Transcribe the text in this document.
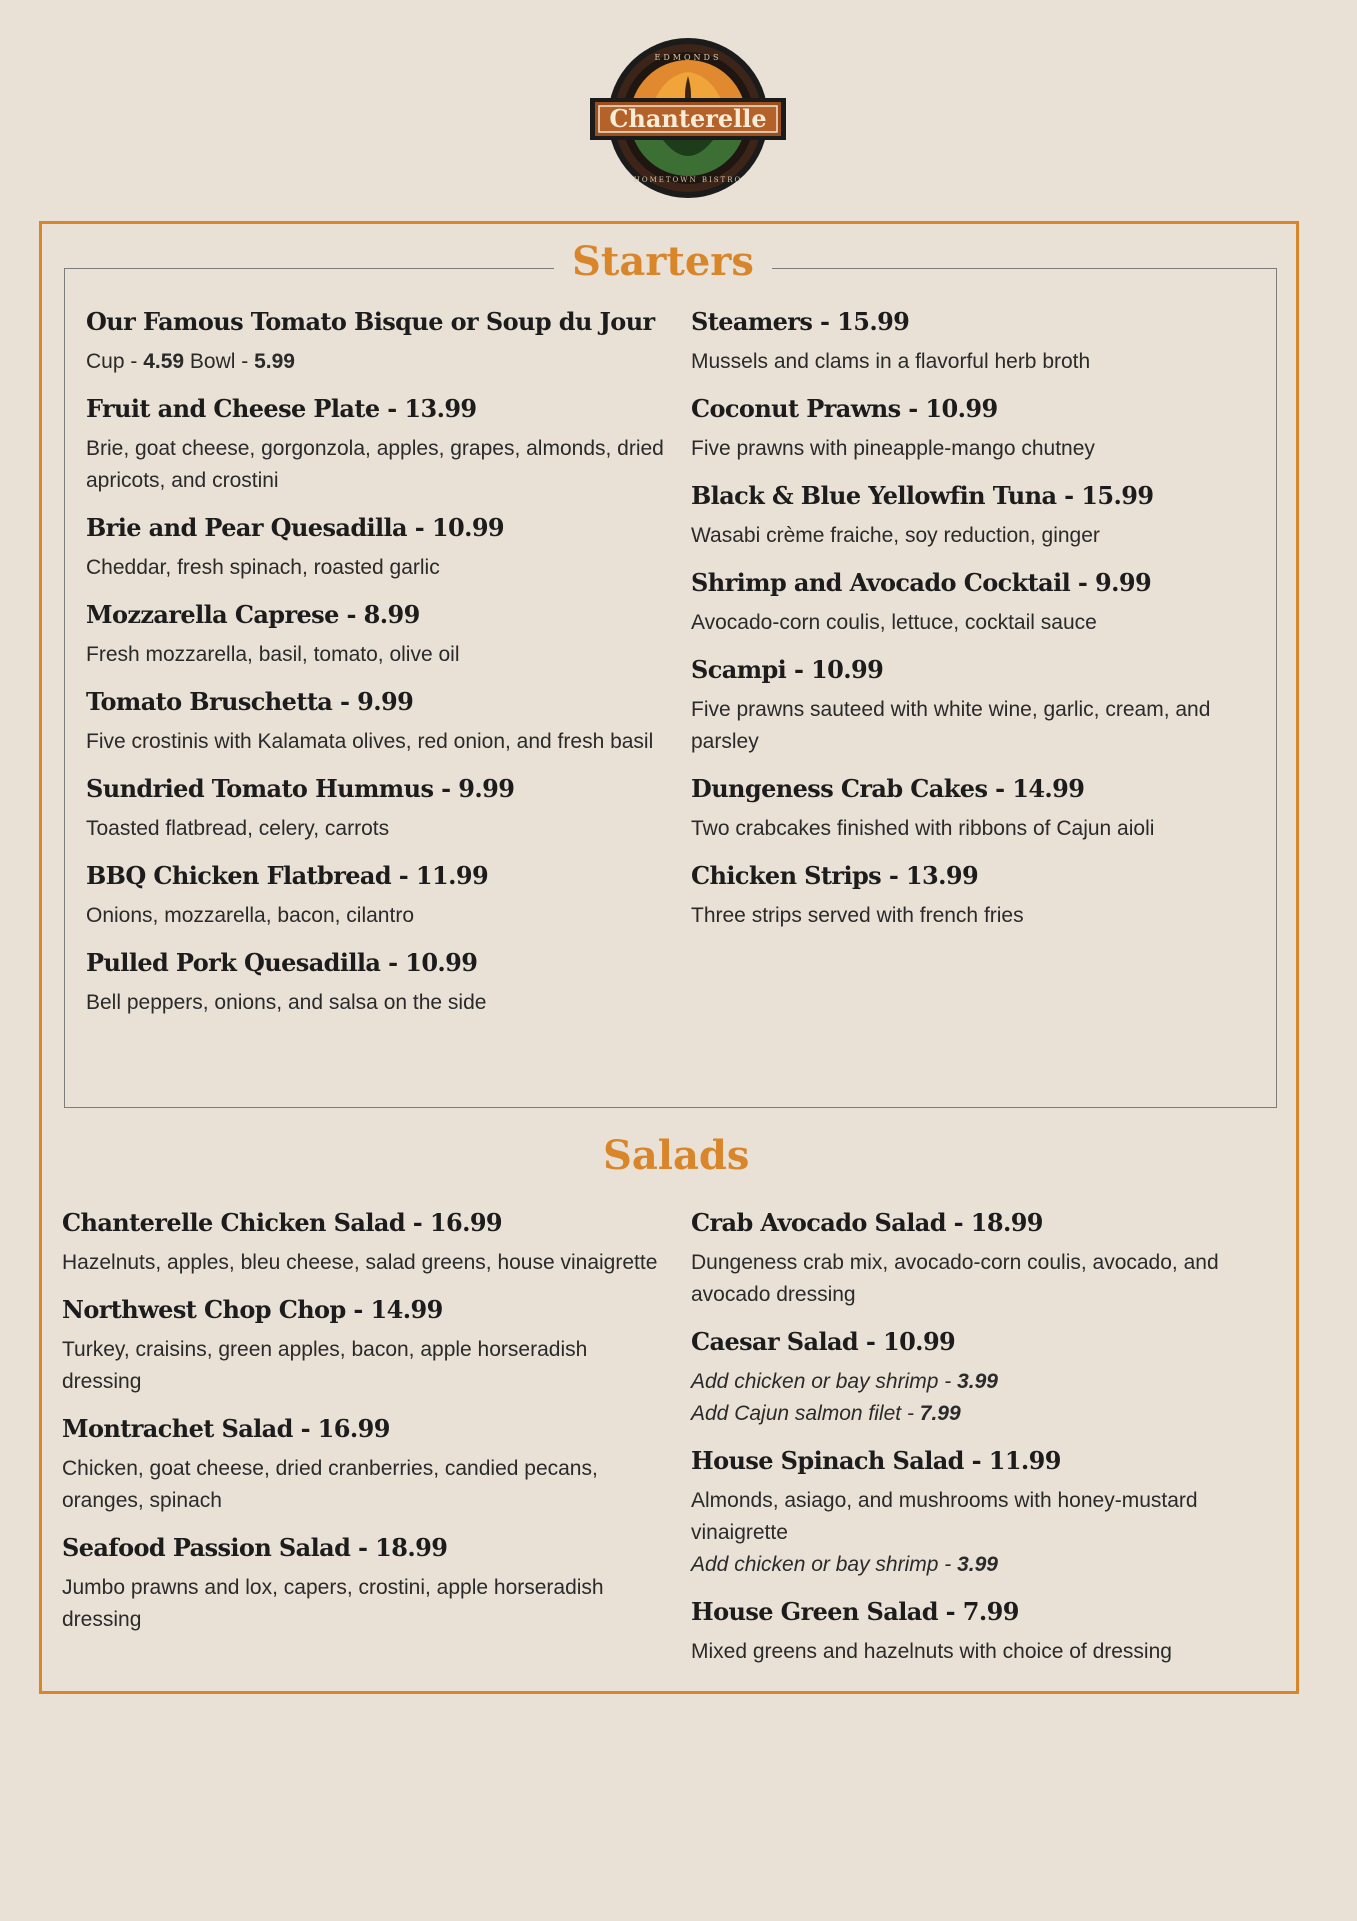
Chanterelle
EDMONDS
HOMETOWN BISTRO
Starters
Salads
Our Famous Tomato Bisque or Soup du Jour
Cup - 4.59 Bowl - 5.99
Fruit and Cheese Plate - 13.99
Brie, goat cheese, gorgonzola, apples, grapes, almonds, dried apricots, and crostini
Brie and Pear Quesadilla - 10.99
Cheddar, fresh spinach, roasted garlic
Mozzarella Caprese - 8.99
Fresh mozzarella, basil, tomato, olive oil
Tomato Bruschetta - 9.99
Five crostinis with Kalamata olives, red onion, and fresh basil
Sundried Tomato Hummus - 9.99
Toasted flatbread, celery, carrots
BBQ Chicken Flatbread - 11.99
Onions, mozzarella, bacon, cilantro
Pulled Pork Quesadilla - 10.99
Bell peppers, onions, and salsa on the side
Steamers - 15.99
Mussels and clams in a flavorful herb broth
Coconut Prawns - 10.99
Five prawns with pineapple-mango chutney
Black & Blue Yellowfin Tuna - 15.99
Wasabi crème fraiche, soy reduction, ginger
Shrimp and Avocado Cocktail - 9.99
Avocado-corn coulis, lettuce, cocktail sauce
Scampi - 10.99
Five prawns sauteed with white wine, garlic, cream, and parsley
Dungeness Crab Cakes - 14.99
Two crabcakes finished with ribbons of Cajun aioli
Chicken Strips - 13.99
Three strips served with french fries
Chanterelle Chicken Salad - 16.99
Hazelnuts, apples, bleu cheese, salad greens, house vinaigrette
Northwest Chop Chop - 14.99
Turkey, craisins, green apples, bacon, apple horseradish dressing
Montrachet Salad - 16.99
Chicken, goat cheese, dried cranberries, candied pecans, oranges, spinach
Seafood Passion Salad - 18.99
Jumbo prawns and lox, capers, crostini, apple horseradish dressing
Crab Avocado Salad - 18.99
Dungeness crab mix, avocado-corn coulis, avocado, and avocado dressing
Caesar Salad - 10.99
Add chicken or bay shrimp - 3.99
Add Cajun salmon filet - 7.99
House Spinach Salad - 11.99
Almonds, asiago, and mushrooms with honey-mustard vinaigrette
Add chicken or bay shrimp - 3.99
House Green Salad - 7.99
Mixed greens and hazelnuts with choice of dressing
